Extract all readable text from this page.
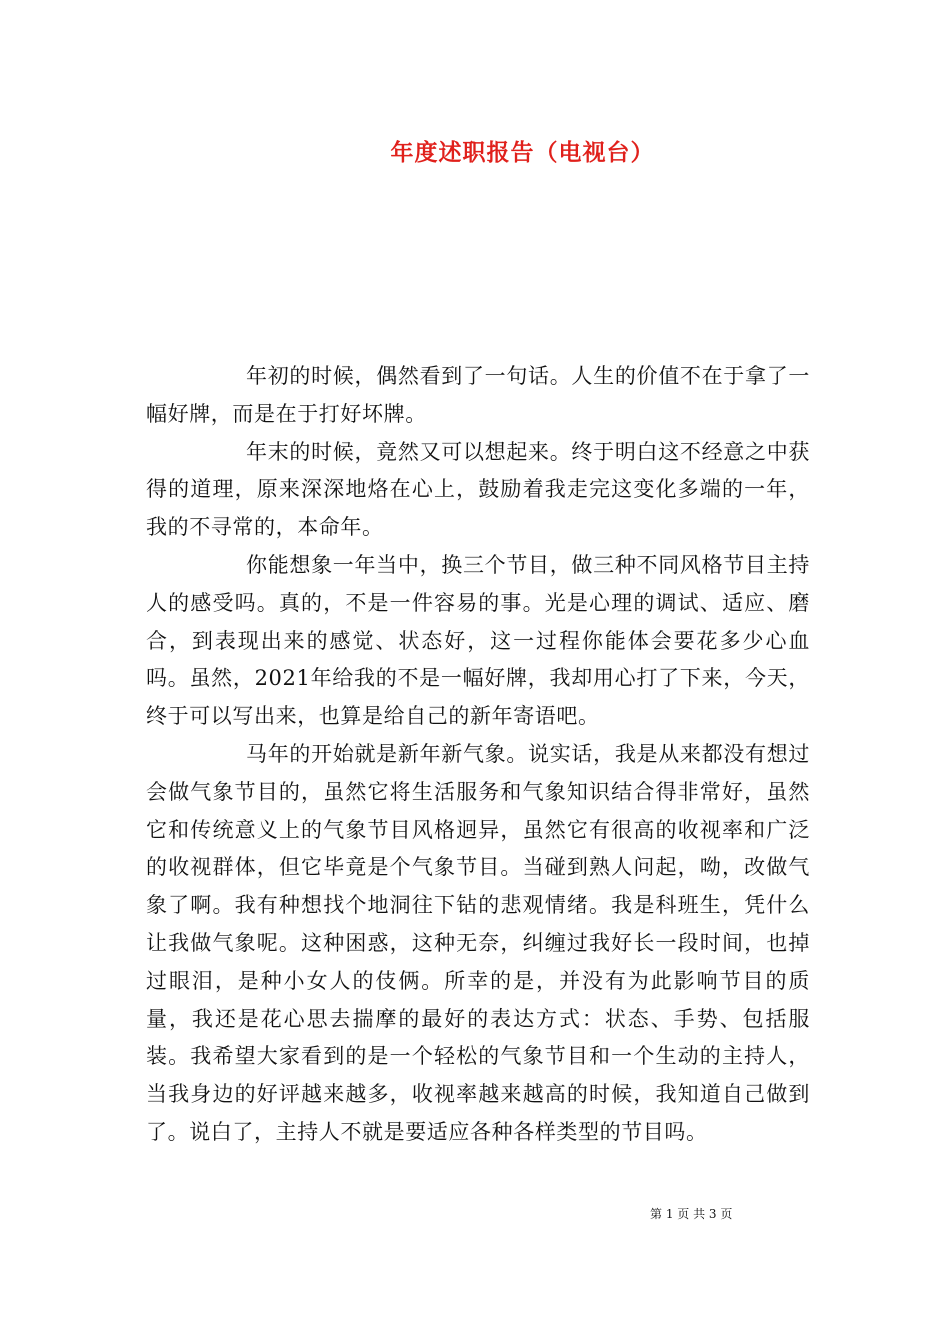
年度述职报告（电视台）

年初的时候，偶然看到了一句话。人生的价值不在于拿了一幅好牌，而是在于打好坏牌。

年末的时候，竟然又可以想起来。终于明白这不经意之中获得的道理，原来深深地烙在心上，鼓励着我走完这变化多端的一年，我的不寻常的，本命年。

你能想象一年当中，换三个节目，做三种不同风格节目主持人的感受吗。真的，不是一件容易的事。光是心理的调试、适应、磨合，到表现出来的感觉、状态好，这一过程你能体会要花多少心血吗。虽然，2021年给我的不是一幅好牌，我却用心打了下来，今天，终于可以写出来，也算是给自己的新年寄语吧。

马年的开始就是新年新气象。说实话，我是从来都没有想过会做气象节目的，虽然它将生活服务和气象知识结合得非常好，虽然它和传统意义上的气象节目风格迥异，虽然它有很高的收视率和广泛的收视群体，但它毕竟是个气象节目。当碰到熟人问起，呦，改做气象了啊。我有种想找个地洞往下钻的悲观情绪。我是科班生，凭什么让我做气象呢。这种困惑，这种无奈，纠缠过我好长一段时间，也掉过眼泪，是种小女人的伎俩。所幸的是，并没有为此影响节目的质量，我还是花心思去揣摩的最好的表达方式：状态、手势、包括服装。我希望大家看到的是一个轻松的气象节目和一个生动的主持人，当我身边的好评越来越多，收视率越来越高的时候，我知道自己做到了。说白了，主持人不就是要适应各种各样类型的节目吗。

第 1 页 共 3 页
